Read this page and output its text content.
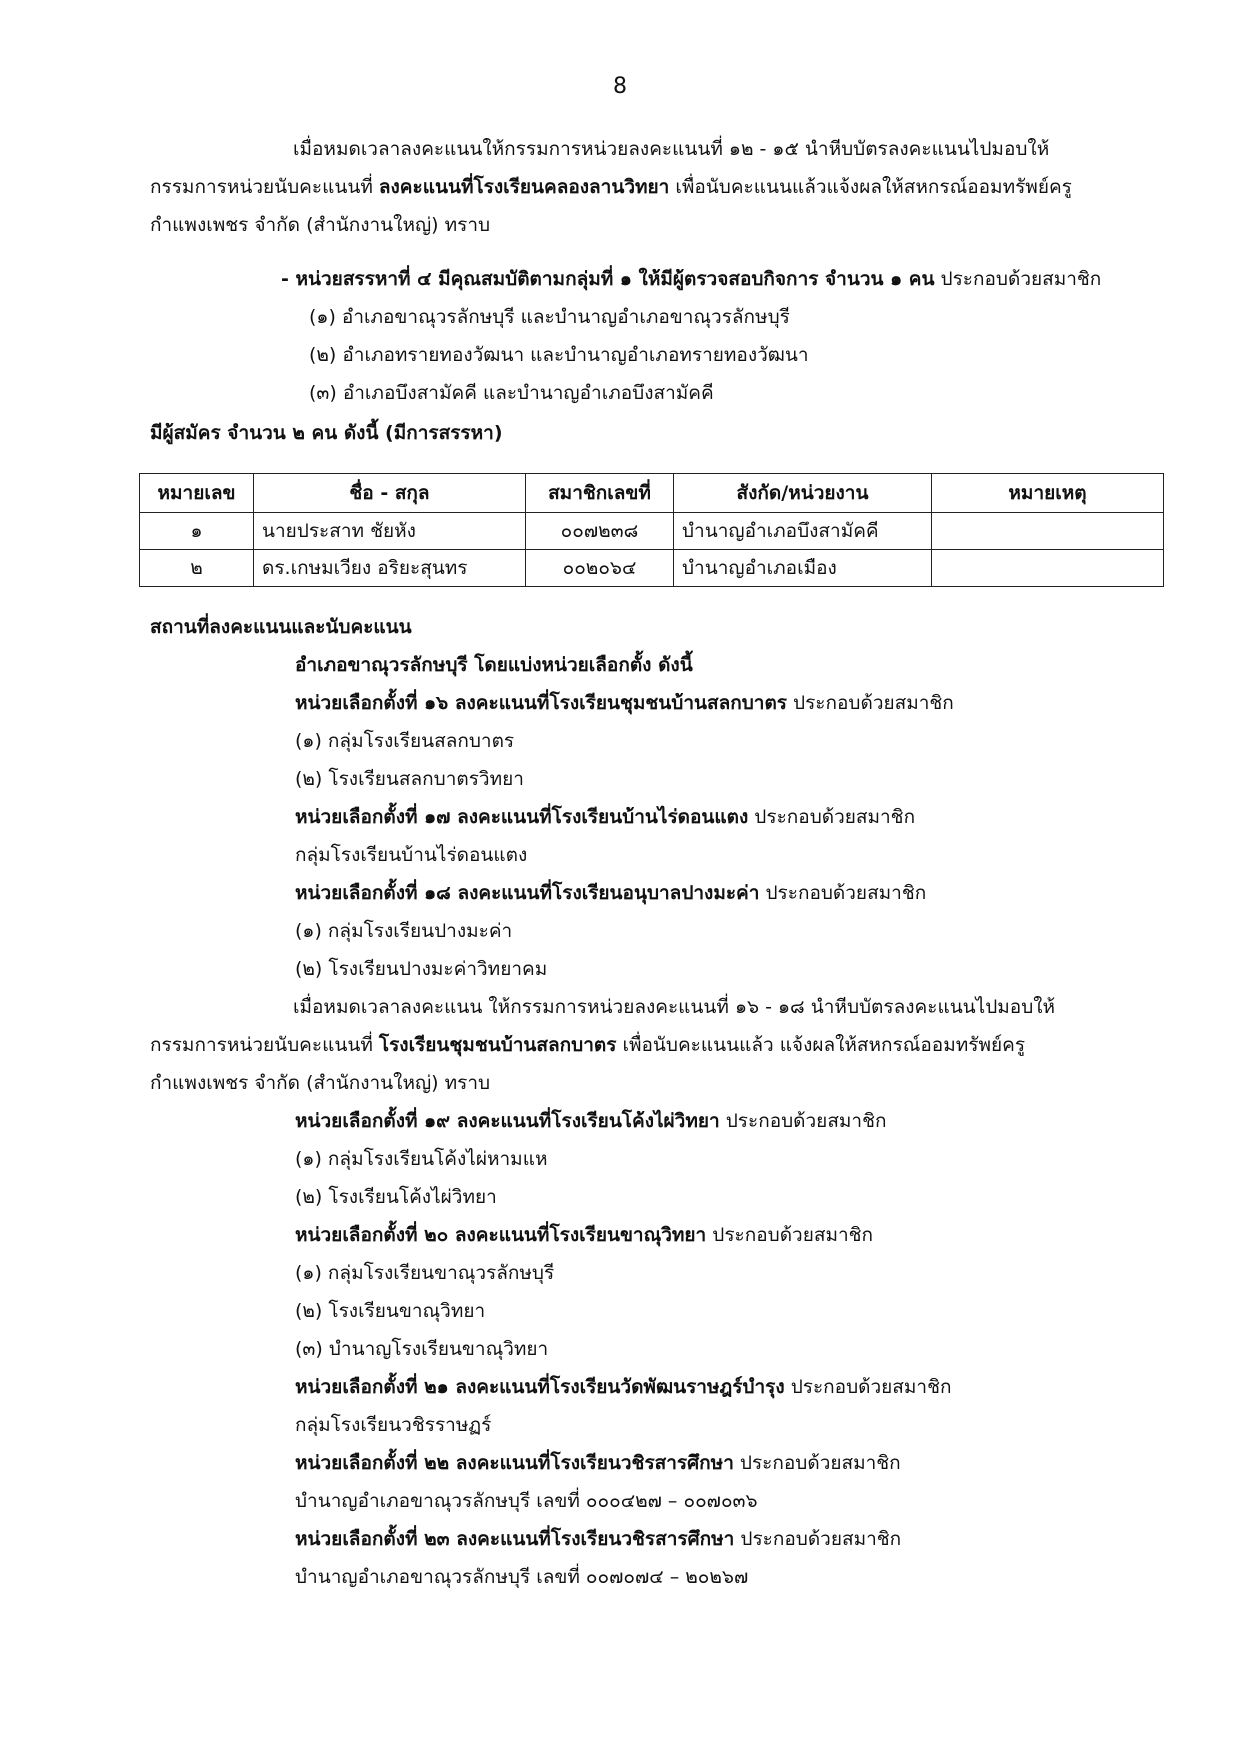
8
เมื่อหมดเวลาลงคะแนนให้กรรมการหน่วยลงคะแนนที่ ๑๒ - ๑๕ นำหีบบัตรลงคะแนนไปมอบให้
กรรมการหน่วยนับคะแนนที่ ลงคะแนนที่โรงเรียนคลองลานวิทยา เพื่อนับคะแนนแล้วแจ้งผลให้สหกรณ์ออมทรัพย์ครู
กำแพงเพชร จำกัด (สำนักงานใหญ่) ทราบ
- หน่วยสรรหาที่ ๔ มีคุณสมบัติตามกลุ่มที่ ๑ ให้มีผู้ตรวจสอบกิจการ จำนวน ๑ คน ประกอบด้วยสมาชิก
(๑) อำเภอขาณุวรลักษบุรี และบำนาญอำเภอขาณุวรลักษบุรี
(๒) อำเภอทรายทองวัฒนา และบำนาญอำเภอทรายทองวัฒนา
(๓) อำเภอบึงสามัคคี และบำนาญอำเภอบึงสามัคคี
มีผู้สมัคร จำนวน ๒ คน ดังนี้ (มีการสรรหา)
หมายเลข	ชื่อ - สกุล	สมาชิกเลขที่	สังกัด/หน่วยงาน	หมายเหตุ
๑	นายประสาท ชัยหัง	๐๐๗๒๓๘	บำนาญอำเภอบึงสามัคคี	
๒	ดร.เกษมเวียง อริยะสุนทร	๐๐๒๐๖๔	บำนาญอำเภอเมือง	
สถานที่ลงคะแนนและนับคะแนน
อำเภอขาณุวรลักษบุรี โดยแบ่งหน่วยเลือกตั้ง ดังนี้
หน่วยเลือกตั้งที่ ๑๖ ลงคะแนนที่โรงเรียนชุมชนบ้านสลกบาตร ประกอบด้วยสมาชิก
(๑) กลุ่มโรงเรียนสลกบาตร
(๒) โรงเรียนสลกบาตรวิทยา
หน่วยเลือกตั้งที่ ๑๗ ลงคะแนนที่โรงเรียนบ้านไร่ดอนแตง ประกอบด้วยสมาชิก
กลุ่มโรงเรียนบ้านไร่ดอนแตง
หน่วยเลือกตั้งที่ ๑๘ ลงคะแนนที่โรงเรียนอนุบาลปางมะค่า ประกอบด้วยสมาชิก
(๑) กลุ่มโรงเรียนปางมะค่า
(๒) โรงเรียนปางมะค่าวิทยาคม
เมื่อหมดเวลาลงคะแนน ให้กรรมการหน่วยลงคะแนนที่ ๑๖ - ๑๘ นำหีบบัตรลงคะแนนไปมอบให้
กรรมการหน่วยนับคะแนนที่ โรงเรียนชุมชนบ้านสลกบาตร เพื่อนับคะแนนแล้ว แจ้งผลให้สหกรณ์ออมทรัพย์ครู
กำแพงเพชร จำกัด (สำนักงานใหญ่) ทราบ
หน่วยเลือกตั้งที่ ๑๙ ลงคะแนนที่โรงเรียนโค้งไผ่วิทยา ประกอบด้วยสมาชิก
(๑) กลุ่มโรงเรียนโค้งไผ่หามแห
(๒) โรงเรียนโค้งไผ่วิทยา
หน่วยเลือกตั้งที่ ๒๐ ลงคะแนนที่โรงเรียนขาณุวิทยา ประกอบด้วยสมาชิก
(๑) กลุ่มโรงเรียนขาณุวรลักษบุรี
(๒) โรงเรียนขาณุวิทยา
(๓) บำนาญโรงเรียนขาณุวิทยา
หน่วยเลือกตั้งที่ ๒๑ ลงคะแนนที่โรงเรียนวัดพัฒนราษฎร์บำรุง ประกอบด้วยสมาชิก
กลุ่มโรงเรียนวชิรราษฏร์
หน่วยเลือกตั้งที่ ๒๒ ลงคะแนนที่โรงเรียนวชิรสารศึกษา ประกอบด้วยสมาชิก
บำนาญอำเภอขาณุวรลักษบุรี เลขที่ ๐๐๐๔๒๗ – ๐๐๗๐๓๖
หน่วยเลือกตั้งที่ ๒๓ ลงคะแนนที่โรงเรียนวชิรสารศึกษา ประกอบด้วยสมาชิก
บำนาญอำเภอขาณุวรลักษบุรี เลขที่ ๐๐๗๐๗๔ – ๒๐๒๖๗
